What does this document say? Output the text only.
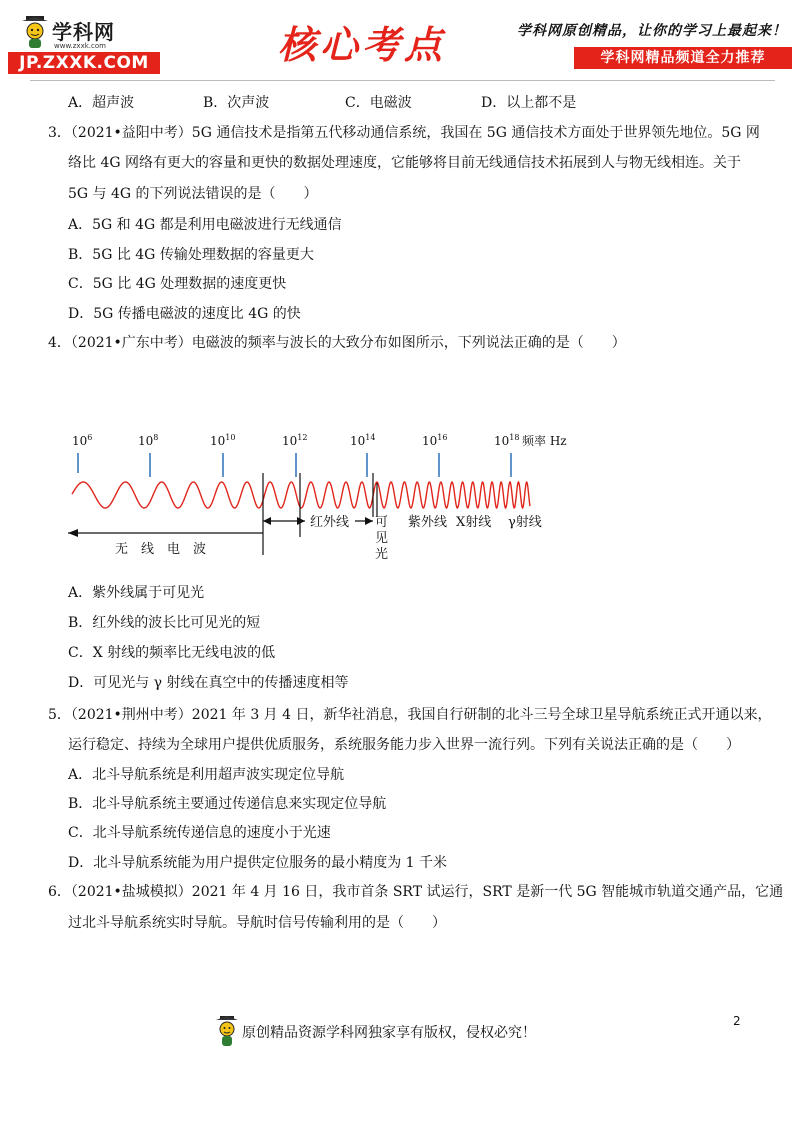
学科网
www.zxxk.com
JP.ZXXK.COM	核心考点	学科网原创精品，让你的学习上最起来！
学科网精品频道全力推荐
A．超声波	B．次声波	C．电磁波	D．以上都不是
3．（2021•益阳中考）5G 通信技术是指第五代移动通信系统，我国在 5G 通信技术方面处于世界领先地位。5G 网
络比 4G 网络有更大的容量和更快的数据处理速度，它能够将目前无线通信技术拓展到人与物无线相连。关于
5G 与 4G 的下列说法错误的是（　　）
A．5G 和 4G 都是利用电磁波进行无线通信
B．5G 比 4G 传输处理数据的容量更大
C．5G 比 4G 处理数据的速度更快
D．5G 传播电磁波的速度比 4G 的快
4．（2021•广东中考）电磁波的频率与波长的大致分布如图所示，下列说法正确的是（　　）
$10^6$	$10^8$	$10^{10}$	$10^{12}$	$10^{14}$	$10^{16}$	$10^{18}$ 频率 Hz
无　线　电　波
红外线 可
见
光
紫外线 X射线 γ射线
A．紫外线属于可见光
B．红外线的波长比可见光的短
C．X 射线的频率比无线电波的低
D．可见光与 γ 射线在真空中的传播速度相等
5．（2021•荆州中考）2021 年 3 月 4 日，新华社消息，我国自行研制的北斗三号全球卫星导航系统正式开通以来，
运行稳定、持续为全球用户提供优质服务，系统服务能力步入世界一流行列。下列有关说法正确的是（　　）
A．北斗导航系统是利用超声波实现定位导航
B．北斗导航系统主要通过传递信息来实现定位导航
C．北斗导航系统传递信息的速度小于光速
D．北斗导航系统能为用户提供定位服务的最小精度为 1 千米
6．（2021•盐城模拟）2021 年 4 月 16 日，我市首条 SRT 试运行，SRT 是新一代 5G 智能城市轨道交通产品，它通
过北斗导航系统实时导航。导航时信号传输利用的是（　　）
原创精品资源学科网独家享有版权，侵权必究！
2
